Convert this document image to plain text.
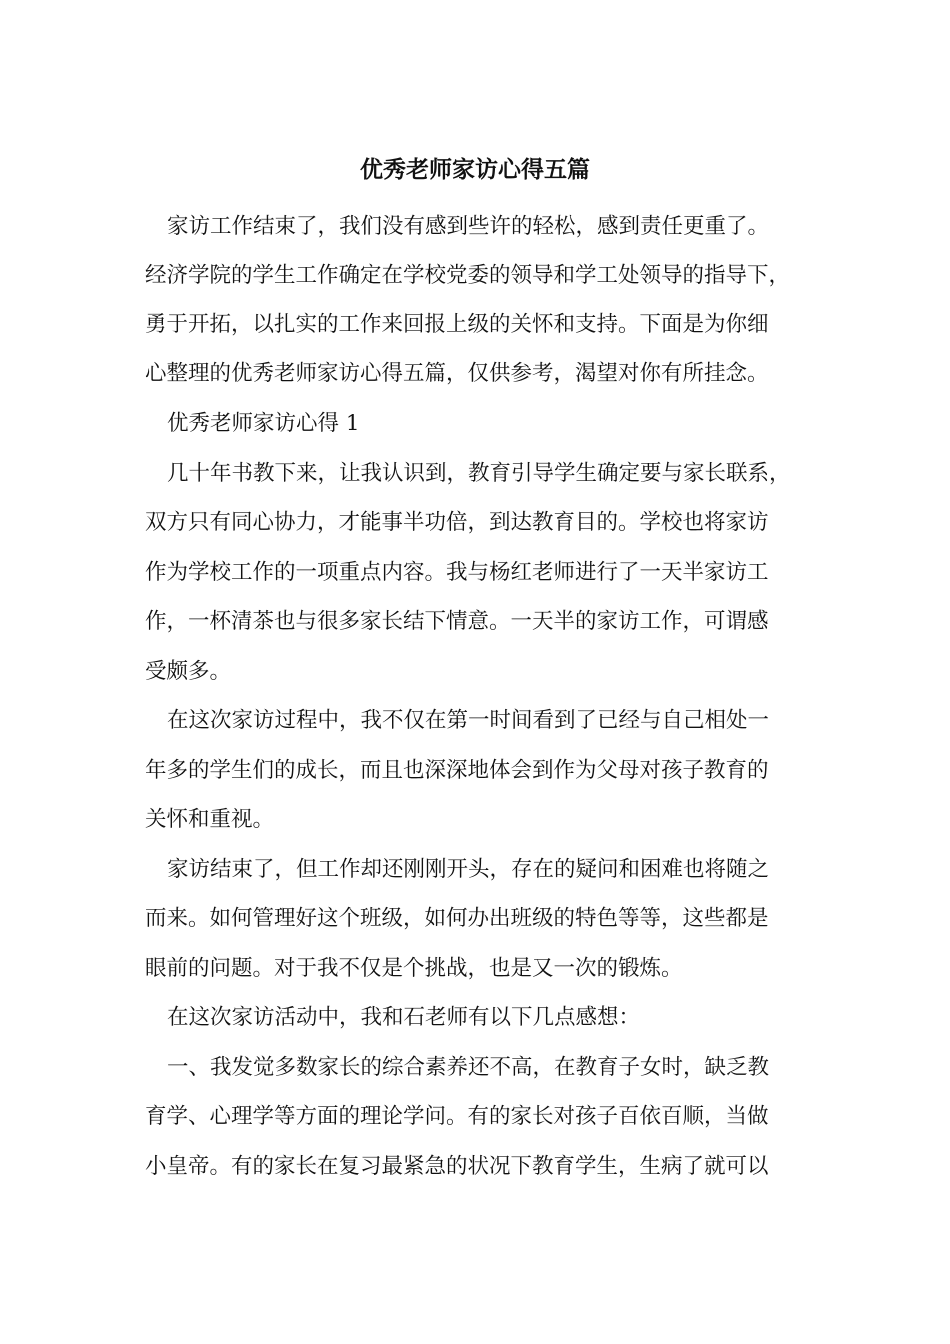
优秀老师家访心得五篇

家访工作结束了，我们没有感到些许的轻松，感到责任更重了。

经济学院的学生工作确定在学校党委的领导和学工处领导的指导下，

勇于开拓，以扎实的工作来回报上级的关怀和支持。下面是为你细

心整理的优秀老师家访心得五篇，仅供参考，渴望对你有所挂念。

优秀老师家访心得 1

几十年书教下来，让我认识到，教育引导学生确定要与家长联系，

双方只有同心协力，才能事半功倍，到达教育目的。学校也将家访

作为学校工作的一项重点内容。我与杨红老师进行了一天半家访工

作，一杯清茶也与很多家长结下情意。一天半的家访工作，可谓感

受颇多。

在这次家访过程中，我不仅在第一时间看到了已经与自己相处一

年多的学生们的成长，而且也深深地体会到作为父母对孩子教育的

关怀和重视。

家访结束了，但工作却还刚刚开头，存在的疑问和困难也将随之

而来。如何管理好这个班级，如何办出班级的特色等等，这些都是

眼前的问题。对于我不仅是个挑战，也是又一次的锻炼。

在这次家访活动中，我和石老师有以下几点感想：

一、我发觉多数家长的综合素养还不高，在教育子女时，缺乏教

育学、心理学等方面的理论学问。有的家长对孩子百依百顺，当做

小皇帝。有的家长在复习最紧急的状况下教育学生，生病了就可以
